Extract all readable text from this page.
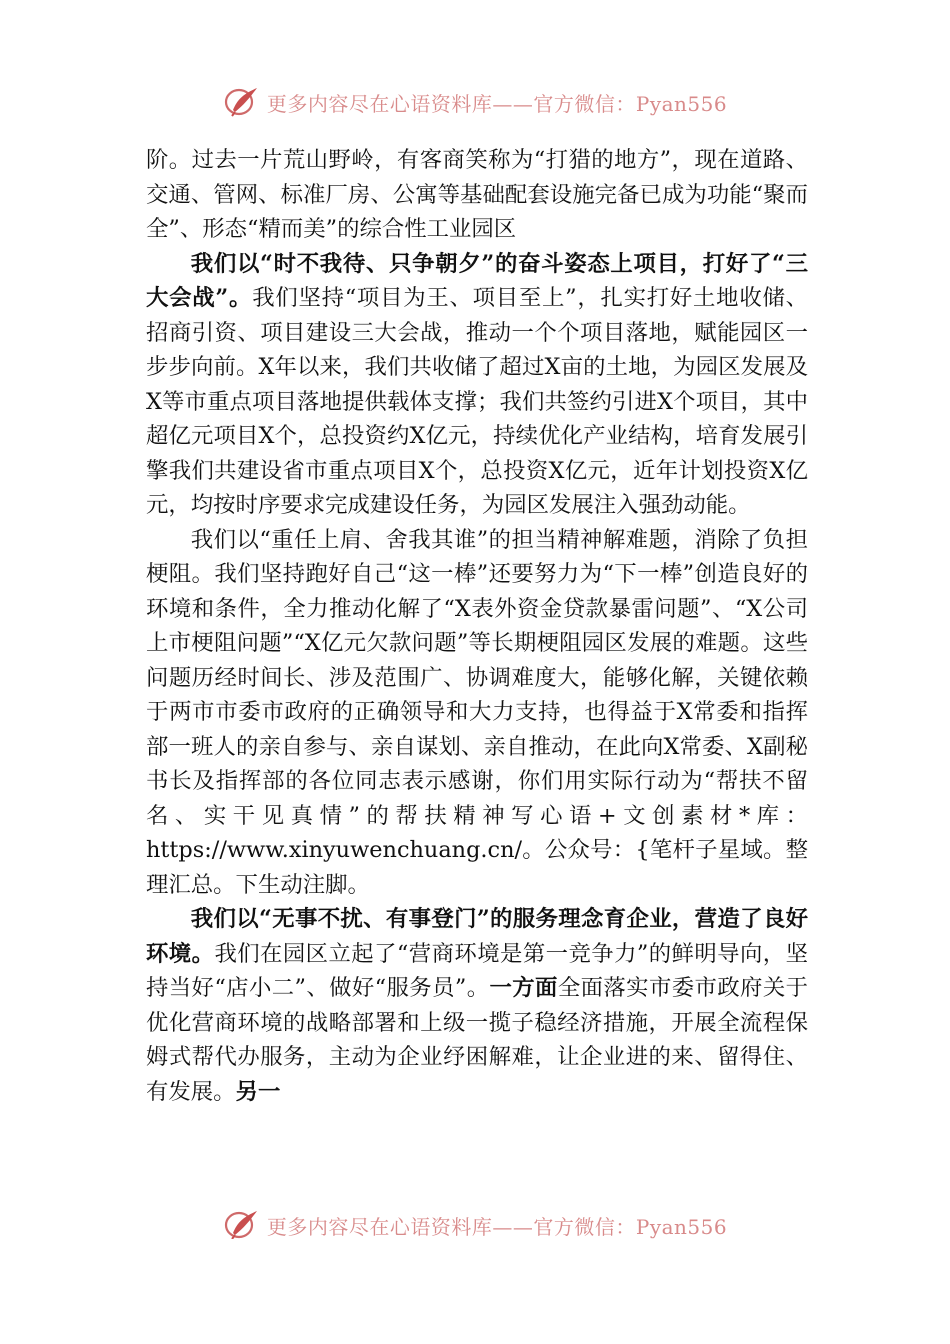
更多内容尽在心语资料库——官方微信：Pyan556

阶。过去一片荒山野岭，有客商笑称为“打猎的地方”，现在道路、交通、管网、标准厂房、公寓等基础配套设施完备已成为功能“聚而全”、形态“精而美”的综合性工业园区

我们以“时不我待、只争朝夕”的奋斗姿态上项目，打好了“三大会战”。我们坚持“项目为王、项目至上”，扎实打好土地收储、招商引资、项目建设三大会战，推动一个个项目落地，赋能园区一步步向前。X年以来，我们共收储了超过X亩的土地，为园区发展及X等市重点项目落地提供载体支撑；我们共签约引进X个项目，其中超亿元项目X个，总投资约X亿元，持续优化产业结构，培育发展引擎我们共建设省市重点项目X个，总投资X亿元，近年计划投资X亿元，均按时序要求完成建设任务，为园区发展注入强劲动能。

我们以“重任上肩、舍我其谁”的担当精神解难题，消除了负担梗阻。我们坚持跑好自己“这一棒”还要努力为“下一棒”创造良好的环境和条件，全力推动化解了“X表外资金贷款暴雷问题”、“X公司上市梗阻问题”“X亿元欠款问题”等长期梗阻园区发展的难题。这些问题历经时间长、涉及范围广、协调难度大，能够化解，关键依赖于两市市委市政府的正确领导和大力支持，也得益于X常委和指挥部一班人的亲自参与、亲自谋划、亲自推动，在此向X常委、X副秘书长及指挥部的各位同志表示感谢，你们用实际行动为“帮扶不留名、实干见真情”的帮扶精神写心语+文创素材*库：https://www.xinyuwenchuang.cn/。公众号：{笔杆子星域。整理汇总。下生动注脚。

我们以“无事不扰、有事登门”的服务理念育企业，营造了良好环境。我们在园区立起了“营商环境是第一竞争力”的鲜明导向，坚持当好“店小二”、做好“服务员”。一方面全面落实市委市政府关于优化营商环境的战略部署和上级一揽子稳经济措施，开展全流程保姆式帮代办服务，主动为企业纾困解难，让企业进的来、留得住、有发展。另一

更多内容尽在心语资料库——官方微信：Pyan556
